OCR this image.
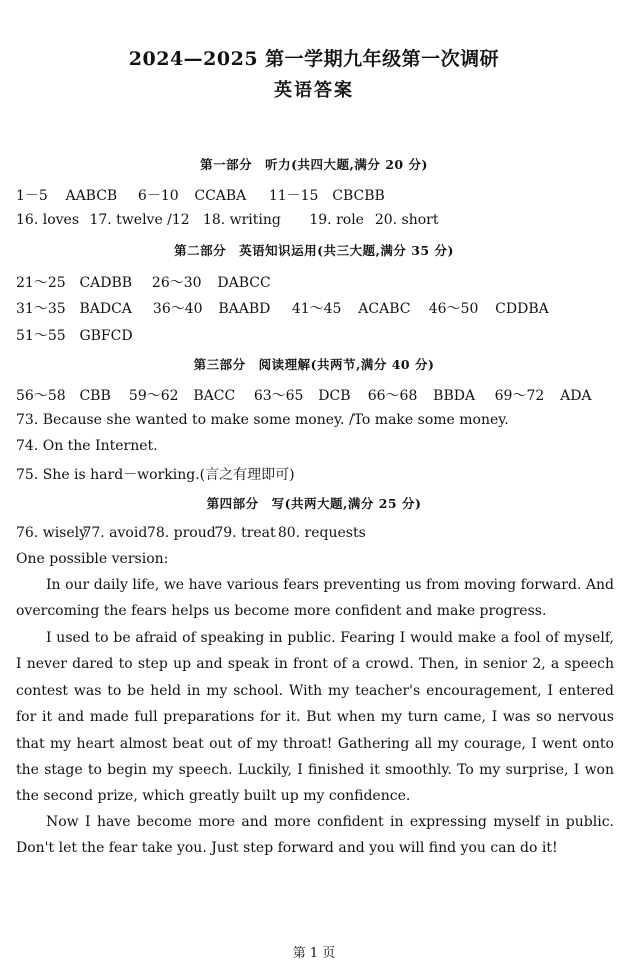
2024—2025 第一学期九年级第一次调研
英语答案
第一部分　听力(共四大题,满分 20 分)
1－5 AABCB 6－10 CCABA 11－15 CBCBB
16. loves 17. twelve /12 18. writing 19. role 20. short
第二部分　英语知识运用(共三大题,满分 35 分)
21～25 CADBB 26～30 DABCC
31～35 BADCA 36～40 BAABD 41～45 ACABC 46～50 CDDBA
51～55 GBFCD
第三部分　阅读理解(共两节,满分 40 分)
56～58 CBB 59～62 BACC 63～65 DCB 66～68 BBDA 69～72 ADA
73. Because she wanted to make some money. /To make some money.
74. On the Internet.
75. She is hard－working.(言之有理即可)
第四部分　写(共两大题,满分 25 分)
76. wisely 77. avoid 78. proud 79. treat 80. requests
One possible version:
In our daily life, we have various fears preventing us from moving forward. And overcoming the fears helps us become more confident and make progress.
I used to be afraid of speaking in public. Fearing I would make a fool of myself, I never dared to step up and speak in front of a crowd. Then, in senior 2, a speech contest was to be held in my school. With my teacher's encouragement, I entered for it and made full preparations for it. But when my turn came, I was so nervous that my heart almost beat out of my throat! Gathering all my courage, I went onto the stage to begin my speech. Luckily, I finished it smoothly. To my surprise, I won the second prize, which greatly built up my confidence.
Now I have become more and more confident in expressing myself in public. Don't let the fear take you. Just step forward and you will find you can do it!
第 1 页
